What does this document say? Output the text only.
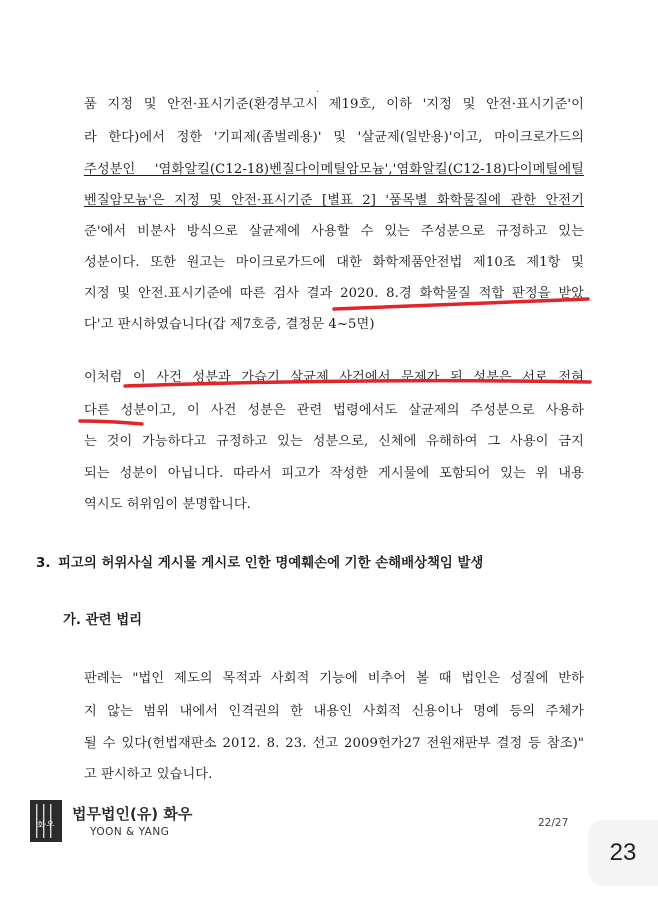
.
품 지정 및 안전·표시기준(환경부고시 제19호, 이하 '지정 및 안전·표시기준'이
라 한다)에서 정한 '기피제(좀벌레용)' 및 '살균제(일반용)'이고, 마이크로가드의
주성분인 '염화알킬(C12-18)벤질다이메틸암모늄','염화알킬(C12-18)다이메틸에틸
벤질암모늄'은 지정 및 안전·표시기준 [별표 2] '품목별 화학물질에 관한 안전기
준'에서 비분사 방식으로 살균제에 사용할 수 있는 주성분으로 규정하고 있는
성분이다. 또한 원고는 마이크로가드에 대한 화학제품안전법 제10조 제1항 및
지정 및 안전.표시기준에 따른 검사 결과 2020. 8.경 화학물질 적합 판정을 받았
다'고 판시하였습니다(갑 제7호증, 결정문 4~5면)
이처럼 이 사건 성분과 가습기 살균제 사건에서 문제가 된 성분은 서로 전혀
다른 성분이고, 이 사건 성분은 관련 법령에서도 살균제의 주성분으로 사용하
는 것이 가능하다고 규정하고 있는 성분으로, 신체에 유해하여 그 사용이 금지
되는 성분이 아닙니다. 따라서 피고가 작성한 게시물에 포함되어 있는 위 내용
역시도 허위임이 분명합니다.
3. 피고의 허위사실 게시물 게시로 인한 명예훼손에 기한 손해배상책임 발생
가. 관련 법리
판례는 "법인 제도의 목적과 사회적 기능에 비추어 볼 때 법인은 성질에 반하
지 않는 범위 내에서 인격권의 한 내용인 사회적 신용이나 명예 등의 주체가
될 수 있다(헌법재판소 2012. 8. 23. 선고 2009헌가27 전원재판부 결정 등 참조)"
고 판시하고 있습니다.
화우
법무법인(유) 화우
YOON & YANG
22/27
23
